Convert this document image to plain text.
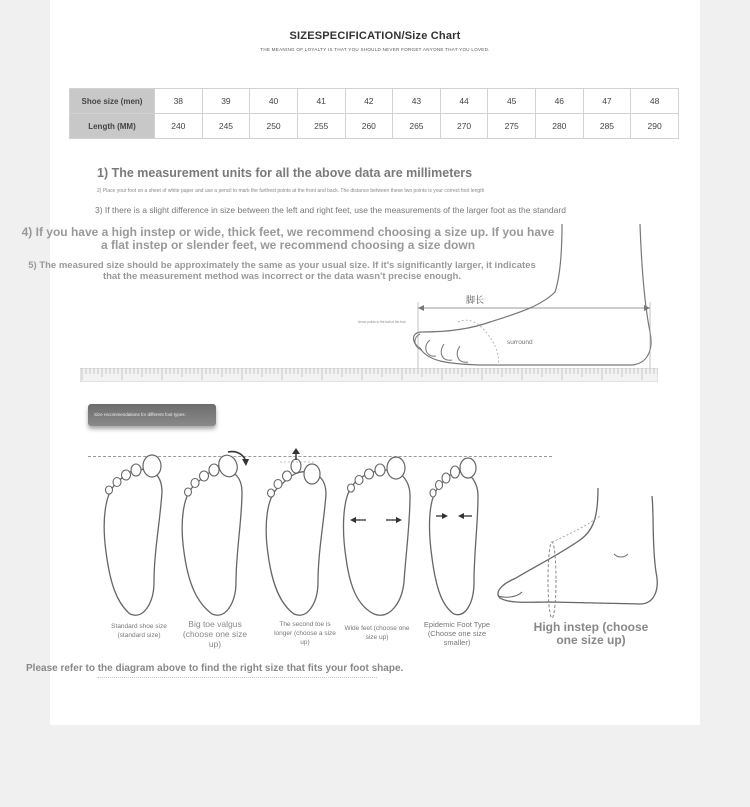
SIZESPECIFICATION/Size Chart
THE MEANING OF LOYALTY IS THAT YOU SHOULD NEVER FORGET ANYONE THAT YOU LOVED.
Shoe size (men)	38	39	40	41	42	43	44	45	46	47	48
Length (MM)	240	245	250	255	260	265	270	275	280	285	290
1) The measurement units for all the above data are millimeters
2) Place your foot on a sheet of white paper and use a pencil to mark the furthest points at the front and back. The distance between these two points is your correct foot length
3) If there is a slight difference in size between the left and right feet, use the measurements of the larger foot as the standard
4) If you have a high instep or wide, thick feet, we recommend choosing a size up. If you have a flat instep or slender feet, we recommend choosing a size down
5) The measured size should be approximately the same as your usual size. If it's significantly larger, it indicates that the measurement method was incorrect or the data wasn't precise enough.
脚长
surround
Arrow points to the ball of the foot
Size recommendations for different foot types:
Standard shoe size (standard size)
Big toe valgus (choose one size up)
The second toe is longer (choose a size up)
Wide feet (choose one size up)
Epidemic Foot Type (Choose one size smaller)
High instep (choose one size up)
Please refer to the diagram above to find the right size that fits your foot shape.
